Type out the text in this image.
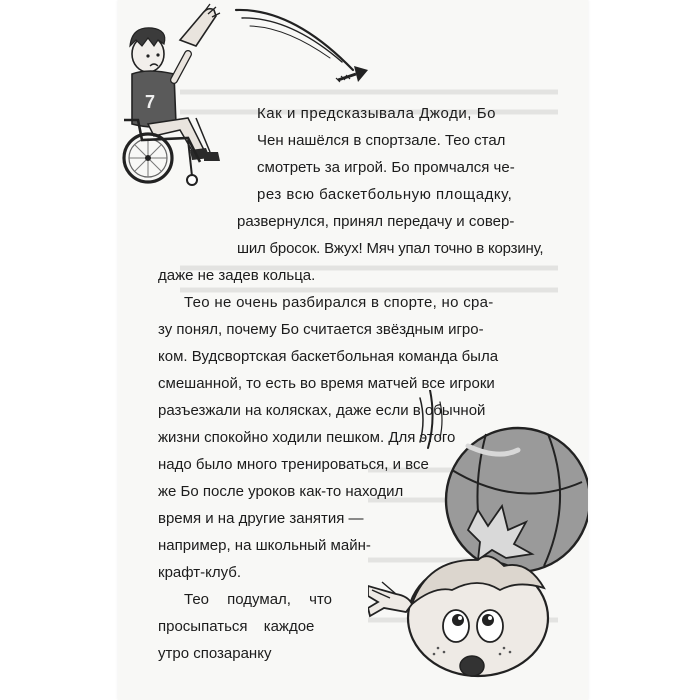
7
Как и предсказывала Джоди, Бо
Чен нашёлся в спортзале. Тео стал
смотреть за игрой. Бо промчался че-
рез всю баскетбольную площадку,
развернулся, принял передачу и совер-
шил бросок. Вжух! Мяч упал точно в корзину,
даже не задев кольца.
Тео не очень разбирался в спорте, но сра-
зу понял, почему Бо считается звёздным игро-
ком. Вудсвортская баскетбольная команда была
смешанной, то есть во время матчей все игроки
разъезжали на колясках, даже если в обычной
жизни спокойно ходили пешком. Для этого
надо было много тренироваться, и все
же Бо после уроков как-то находил
время и на другие занятия —
например, на школьный майн-
крафт-клуб.
Тео подумал, что
просыпаться каждое
утро спозаранку
